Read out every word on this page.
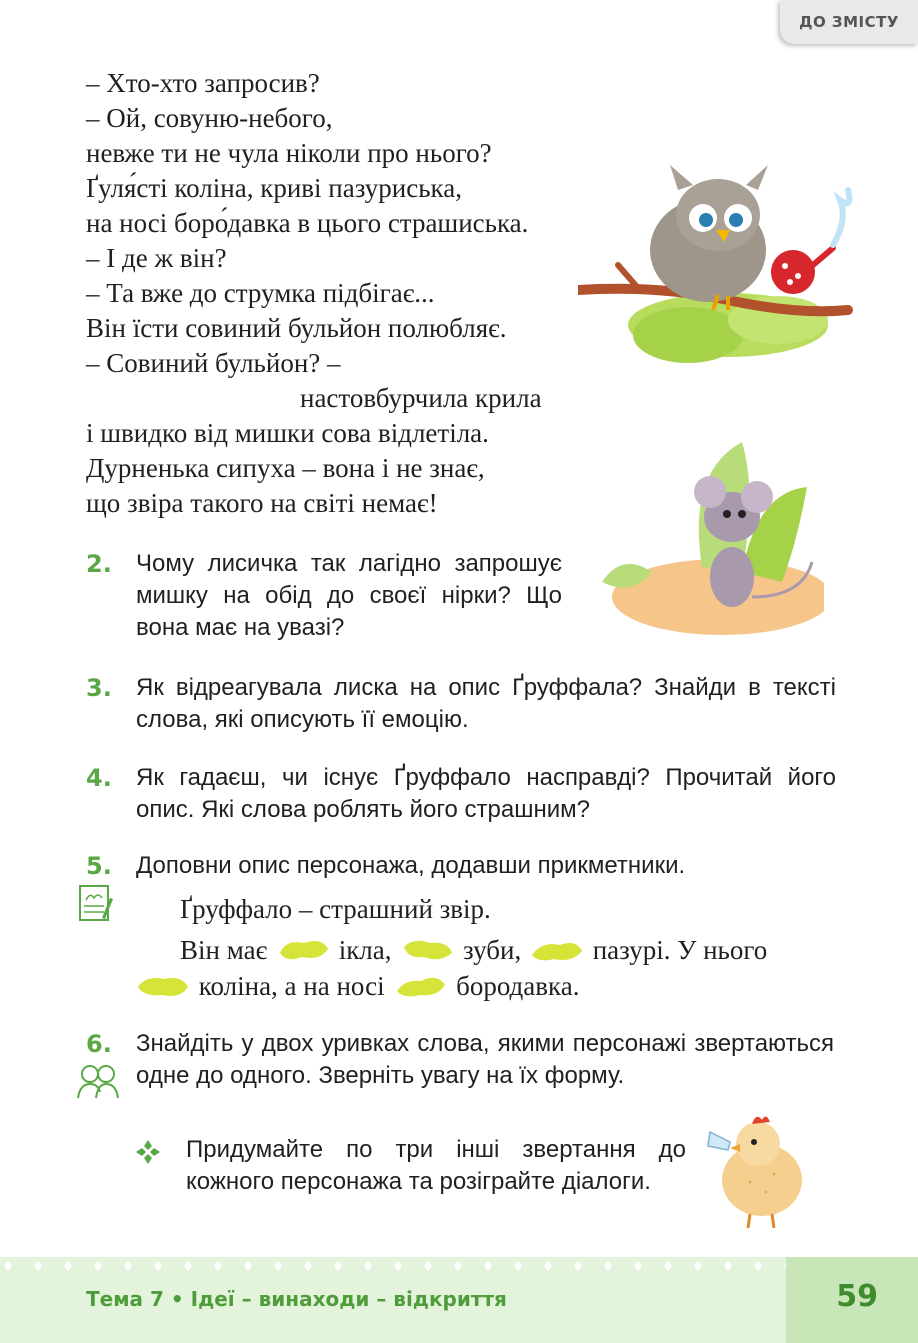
ДО ЗМІСТУ
– Хто-хто запросив?
– Ой, совуню-небого,
невже ти не чула ніколи про нього?
Ґуля́сті коліна, криві пазуриська,
на носі боро́давка в цього страшиська.
– І де ж він?
– Та вже до струмка підбігає...
Він їсти совиний бульйон полюбляє.
– Совиний бульйон? –
настовбурчила крила
і швидко від мишки сова відлетіла.
Дурненька сипуха – вона і не знає,
що звіра такого на світі немає!
2.	Чому лисичка так лагідно запрошує мишку на обід до своєї нірки? Що вона має на увазі?
3.	Як відреагувала лиска на опис Ґруффала? Знайди в тексті слова, які описують її емоцію.
4.	Як гадаєш, чи існує Ґруффало насправді? Прочитай його опис. Які слова роблять його страшним?
5.	Доповни опис персонажа, додавши прикметники.
Ґруффало – страшний звір.
Він має	ікла,	зуби,	пазурі. У нього
коліна, а на носі	бородавка.
6.	Знайдіть у двох уривках слова, якими персонажі звертаються одне до одного. Зверніть увагу на їх форму.
Придумайте по три інші звертання до кожного персонажа та розіграйте діалоги.
Тема 7 • Ідеї – винаходи – відкриття	59
